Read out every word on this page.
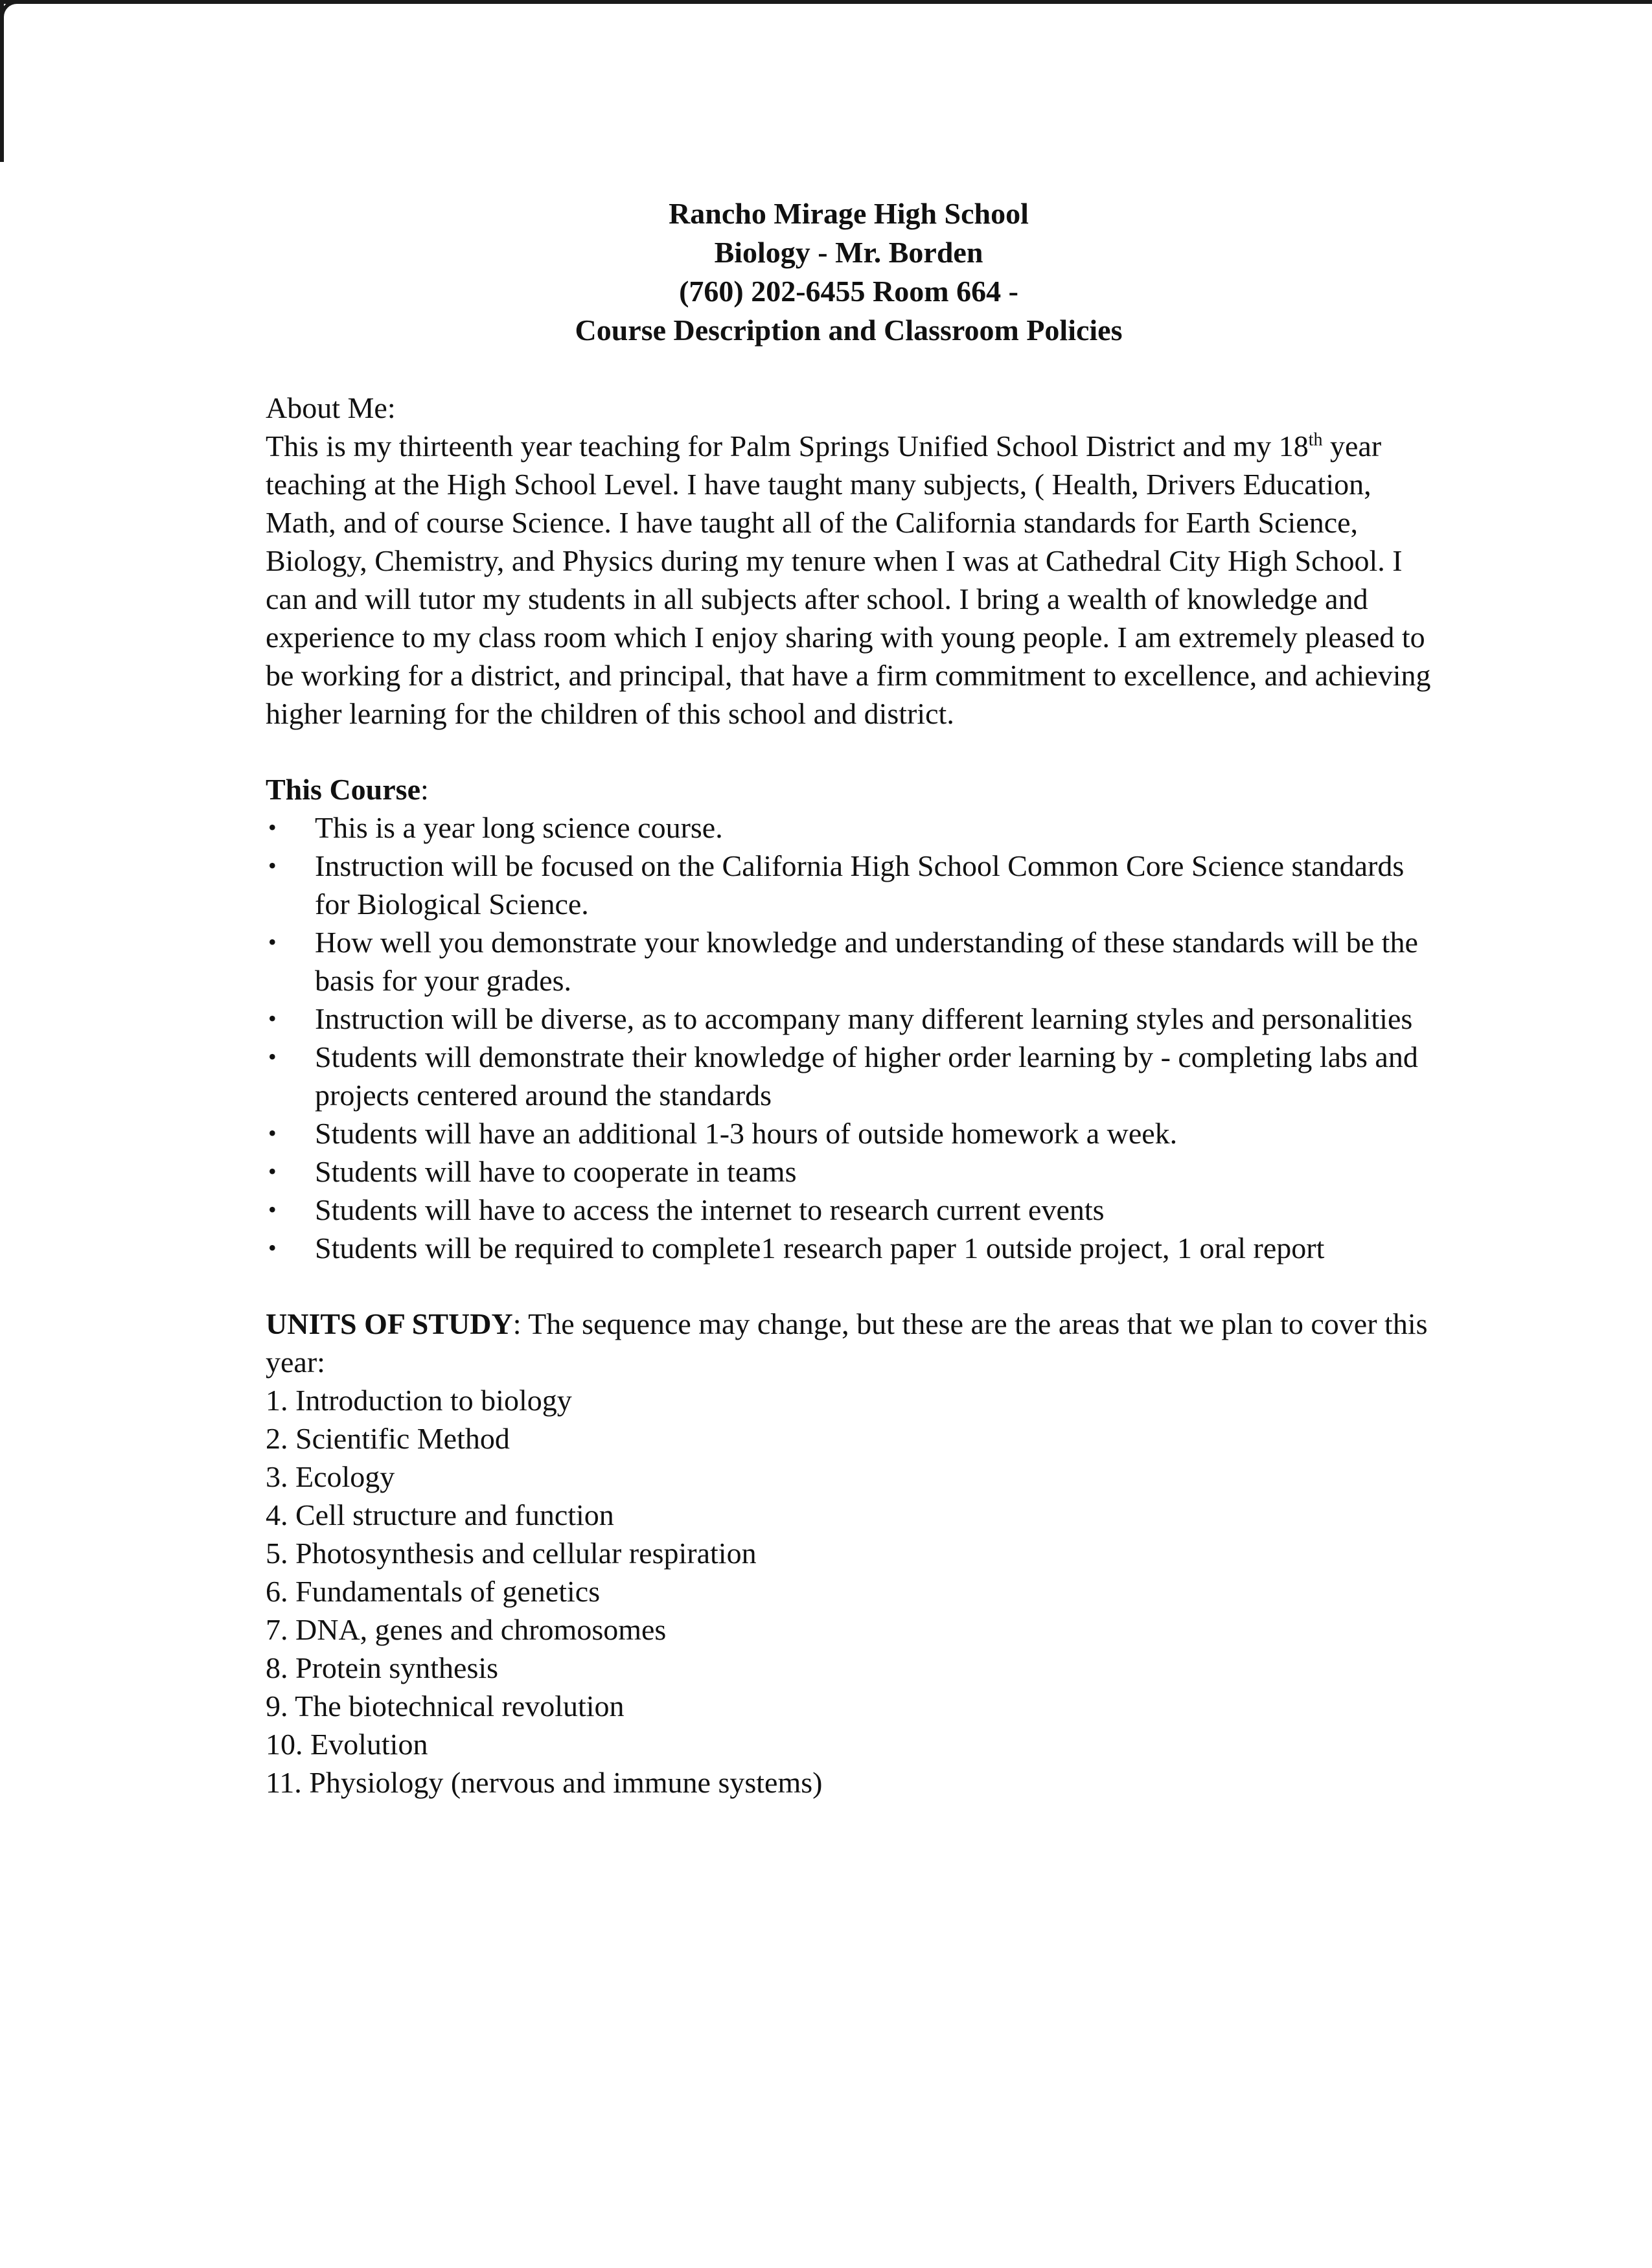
Rancho Mirage High School
Biology - Mr. Borden
(760) 202-6455 Room 664 -
Course Description and Classroom Policies
About Me:
This is my thirteenth year teaching for Palm Springs Unified School District and my 18th year teaching at the High School Level. I have taught many subjects, ( Health, Drivers Education, Math, and of course Science. I have taught all of the California standards for Earth Science, Biology, Chemistry, and Physics during my tenure when I was at Cathedral City High School. I can and will tutor my students in all subjects after school. I bring a wealth of knowledge and experience to my class room which I enjoy sharing with young people. I am extremely pleased to be working for a district, and principal, that have a firm commitment to excellence, and achieving higher learning for the children of this school and district.
This Course:
• This is a year long science course.
• Instruction will be focused on the California High School Common Core Science standards for Biological Science.
• How well you demonstrate your knowledge and understanding of these standards will be the basis for your grades.
• Instruction will be diverse, as to accompany many different learning styles and personalities
• Students will demonstrate their knowledge of higher order learning by - completing labs and projects centered around the standards
• Students will have an additional 1-3 hours of outside homework a week.
• Students will have to cooperate in teams
• Students will have to access the internet to research current events
• Students will be required to complete1 research paper 1 outside project, 1 oral report
UNITS OF STUDY: The sequence may change, but these are the areas that we plan to cover this year:
1. Introduction to biology
2. Scientific Method
3. Ecology
4. Cell structure and function
5. Photosynthesis and cellular respiration
6. Fundamentals of genetics
7. DNA, genes and chromosomes
8. Protein synthesis
9. The biotechnical revolution
10. Evolution
11. Physiology (nervous and immune systems)
